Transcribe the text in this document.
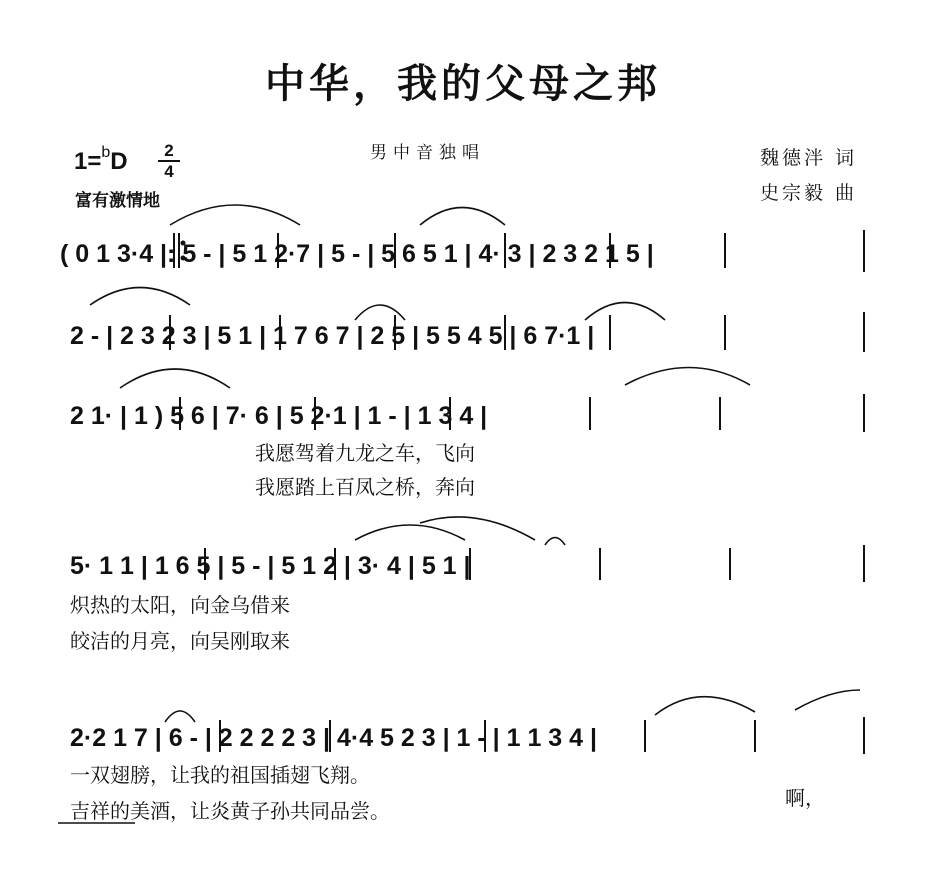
中华，我的父母之邦
男中音独唱	魏德泮 词
史宗毅 曲
1=$^b$D	2
4
富有激情地
( 0 1 3·4 |: 5 - | 5 1 2·7 | 5 - | 5 6 5 1 | 4· 3 | 2 3 2 1 5 |
2 - | 2 3 2 3 | 5 1 | 1 7 6 7 | 2 5 | 5 5 4 5 | 6 7·1 |
2 1· | 1 ) 5 6 | 7· 6 | 5 2·1 | 1 - | 1 3 4 |
5· 1 1 | 1 6 5 | 5 - | 5 1 2 | 3· 4 | 5 1 |
2·2 1 7 | 6 - | 2 2 2 2 3 | 4·4 5 2 3 | 1 - | 1 1 3 4 |
我愿驾着九龙之车，飞向
我愿踏上百凤之桥，奔向
炽热的太阳，向金乌借来
皎洁的月亮，向吴刚取来
一双翅膀，让我的祖国插翅飞翔。
吉祥的美酒，让炎黄子孙共同品尝。
啊，
